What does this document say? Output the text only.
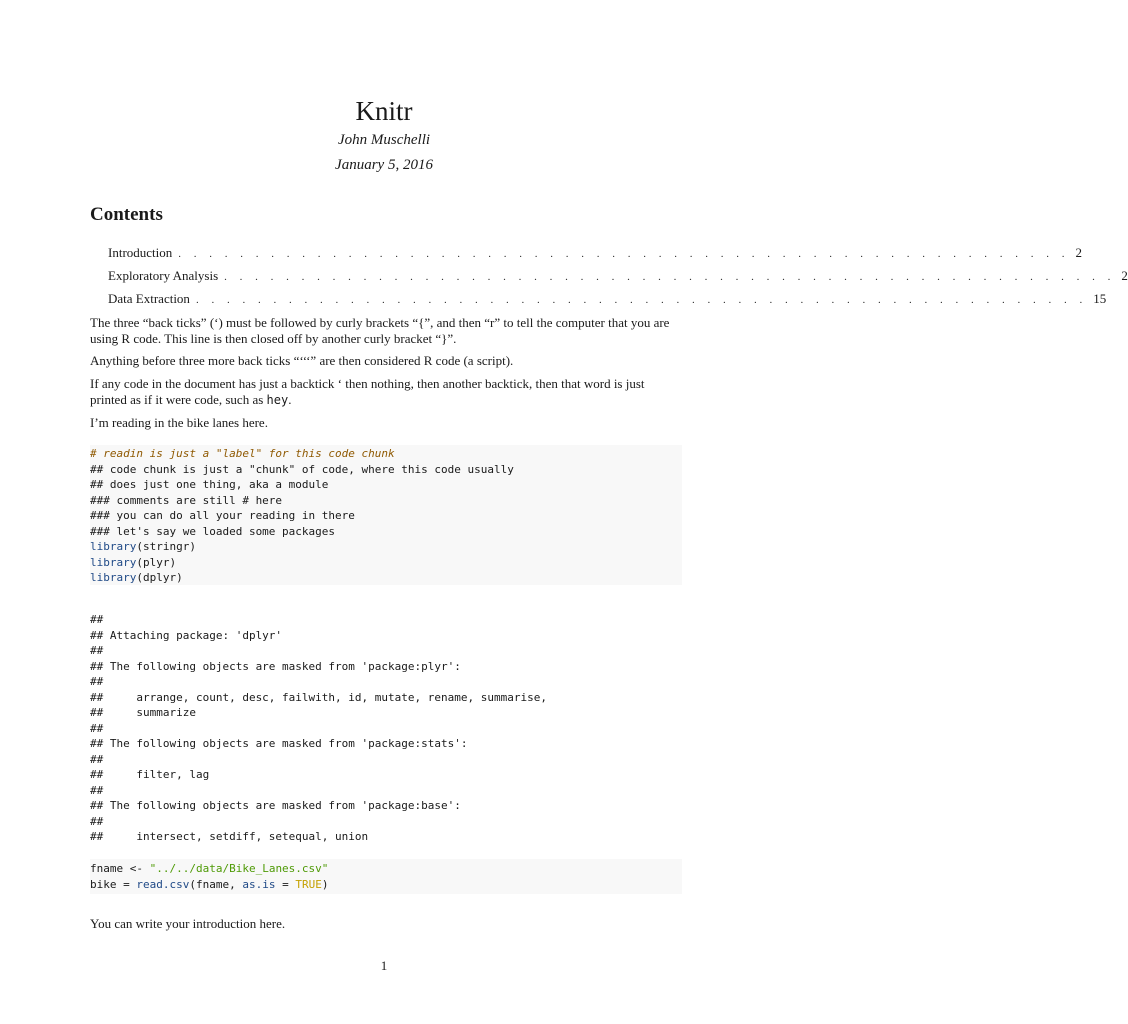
Knitr
John Muschelli
January 5, 2016
Contents
Introduction . . . . . . . . . . . . . . . . . . . . . . . . . . . . . . . . . . . . . . . . . . . . . . . . . . . . . . . . . . 2
Exploratory Analysis . . . . . . . . . . . . . . . . . . . . . . . . . . . . . . . . . . . . . . . . . . . . . . . . . . . . . . . . . . 2
Data Extraction . . . . . . . . . . . . . . . . . . . . . . . . . . . . . . . . . . . . . . . . . . . . . . . . . . . . . . . . . . 15
The three “back ticks” (‘) must be followed by curly brackets “{”, and then “r” to tell the computer that you are using R code. This line is then closed off by another curly bracket “}”.
Anything before three more back ticks “‘‘‘” are then considered R code (a script).
If any code in the document has just a backtick ‘ then nothing, then another backtick, then that word is just printed as if it were code, such as hey.
I’m reading in the bike lanes here.
# readin is just a "label" for this code chunk
## code chunk is just a "chunk" of code, where this code usually
## does just one thing, aka a module
### comments are still # here
### you can do all your reading in there
### let's say we loaded some packages
library(stringr)
library(plyr)
library(dplyr)
##
## Attaching package: 'dplyr'
##
## The following objects are masked from 'package:plyr':
##
##     arrange, count, desc, failwith, id, mutate, rename, summarise,
##     summarize
##
## The following objects are masked from 'package:stats':
##
##     filter, lag
##
## The following objects are masked from 'package:base':
##
##     intersect, setdiff, setequal, union
fname <- "../../data/Bike_Lanes.csv"
bike = read.csv(fname, as.is = TRUE)
You can write your introduction here.
1
